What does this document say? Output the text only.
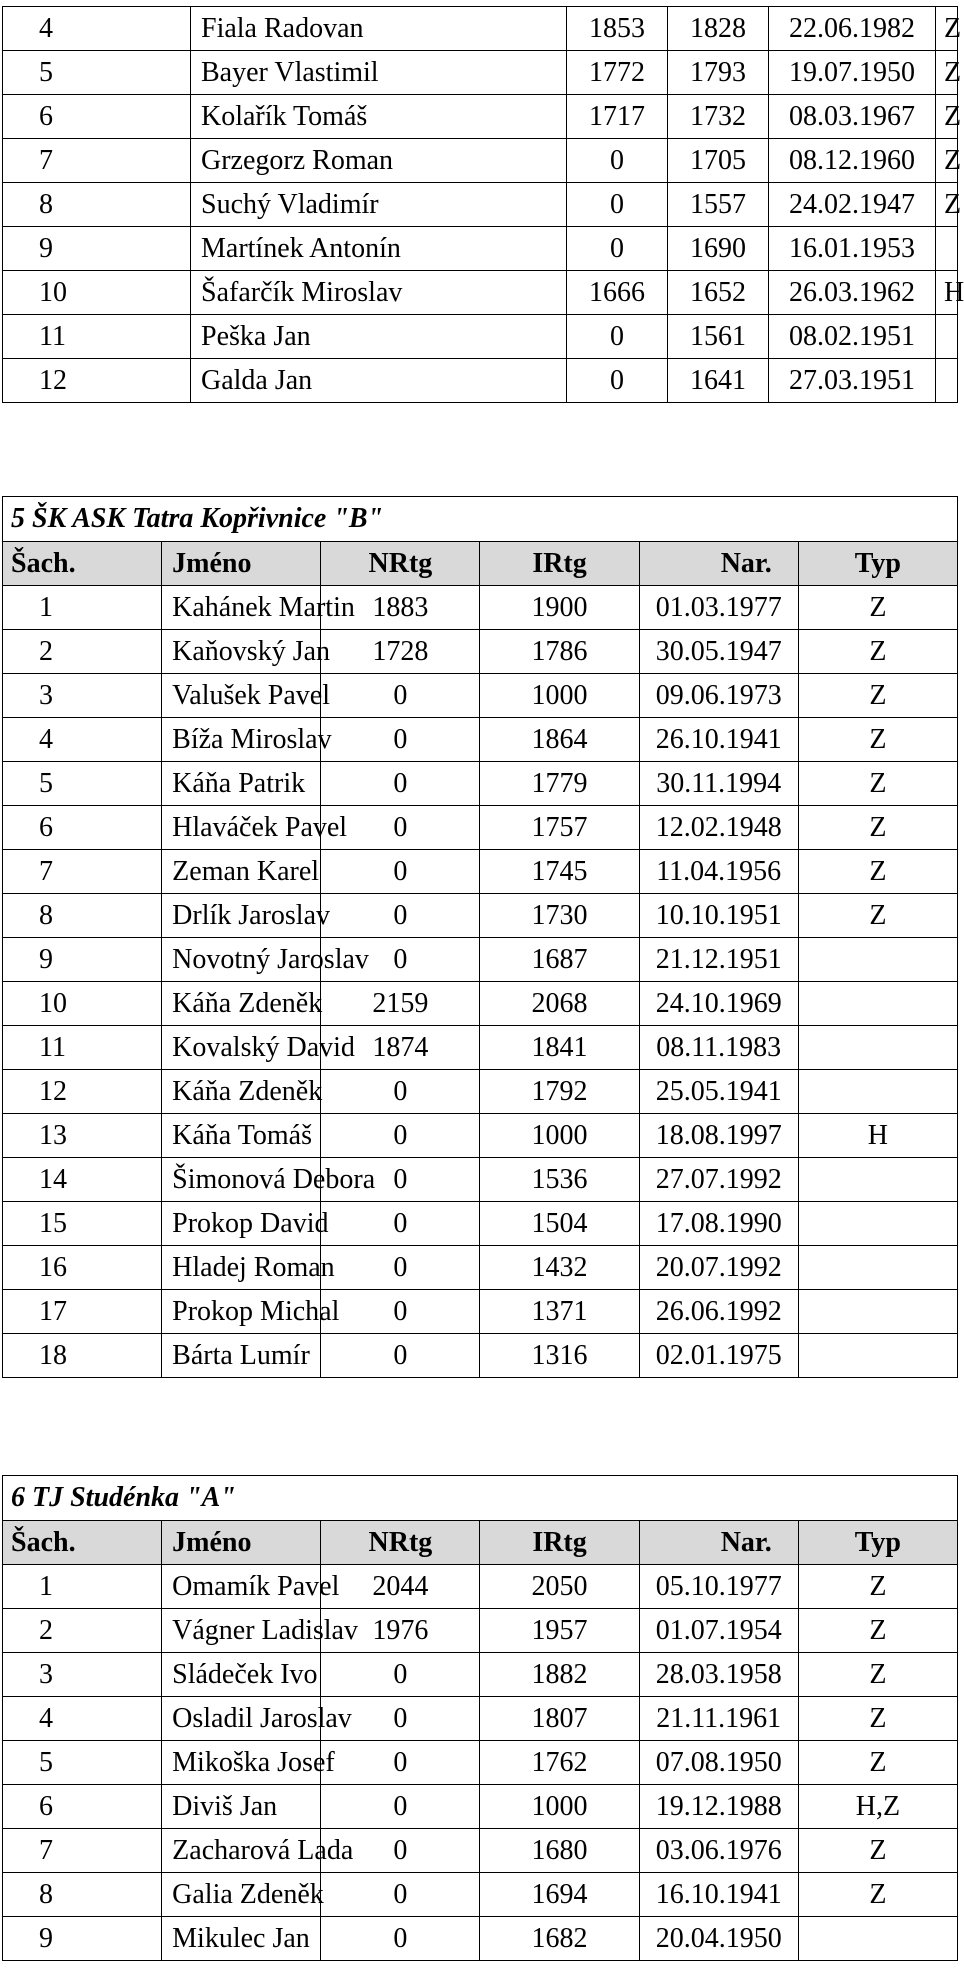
4	Fiala Radovan	1853	1828	22.06.1982	Z
5	Bayer Vlastimil	1772	1793	19.07.1950	Z
6	Kolařík Tomáš	1717	1732	08.03.1967	Z
7	Grzegorz Roman	0	1705	08.12.1960	Z
8	Suchý Vladimír	0	1557	24.02.1947	Z
9	Martínek Antonín	0	1690	16.01.1953	
10	Šafarčík Miroslav	1666	1652	26.03.1962	H
11	Peška Jan	0	1561	08.02.1951	
12	Galda Jan	0	1641	27.03.1951	
5 ŠK ASK Tatra Kopřivnice "B"					
Šach.	Jméno	NRtg	IRtg	Nar.	Typ
1	Kahánek Martin	1883	1900	01.03.1977	Z
2	Kaňovský Jan	1728	1786	30.05.1947	Z
3	Valušek Pavel	0	1000	09.06.1973	Z
4	Bíža Miroslav	0	1864	26.10.1941	Z
5	Káňa Patrik	0	1779	30.11.1994	Z
6	Hlaváček Pavel	0	1757	12.02.1948	Z
7	Zeman Karel	0	1745	11.04.1956	Z
8	Drlík Jaroslav	0	1730	10.10.1951	Z
9	Novotný Jaroslav	0	1687	21.12.1951	
10	Káňa Zdeněk	2159	2068	24.10.1969	
11	Kovalský David	1874	1841	08.11.1983	
12	Káňa Zdeněk	0	1792	25.05.1941	
13	Káňa Tomáš	0	1000	18.08.1997	H
14	Šimonová Debora	0	1536	27.07.1992	
15	Prokop David	0	1504	17.08.1990	
16	Hladej Roman	0	1432	20.07.1992	
17	Prokop Michal	0	1371	26.06.1992	
18	Bárta Lumír	0	1316	02.01.1975	
6 TJ Studénka "A"					
Šach.	Jméno	NRtg	IRtg	Nar.	Typ
1	Omamík Pavel	2044	2050	05.10.1977	Z
2	Vágner Ladislav	1976	1957	01.07.1954	Z
3	Sládeček Ivo	0	1882	28.03.1958	Z
4	Osladil Jaroslav	0	1807	21.11.1961	Z
5	Mikoška Josef	0	1762	07.08.1950	Z
6	Diviš Jan	0	1000	19.12.1988	H,Z
7	Zacharová Lada	0	1680	03.06.1976	Z
8	Galia Zdeněk	0	1694	16.10.1941	Z
9	Mikulec Jan	0	1682	20.04.1950	
